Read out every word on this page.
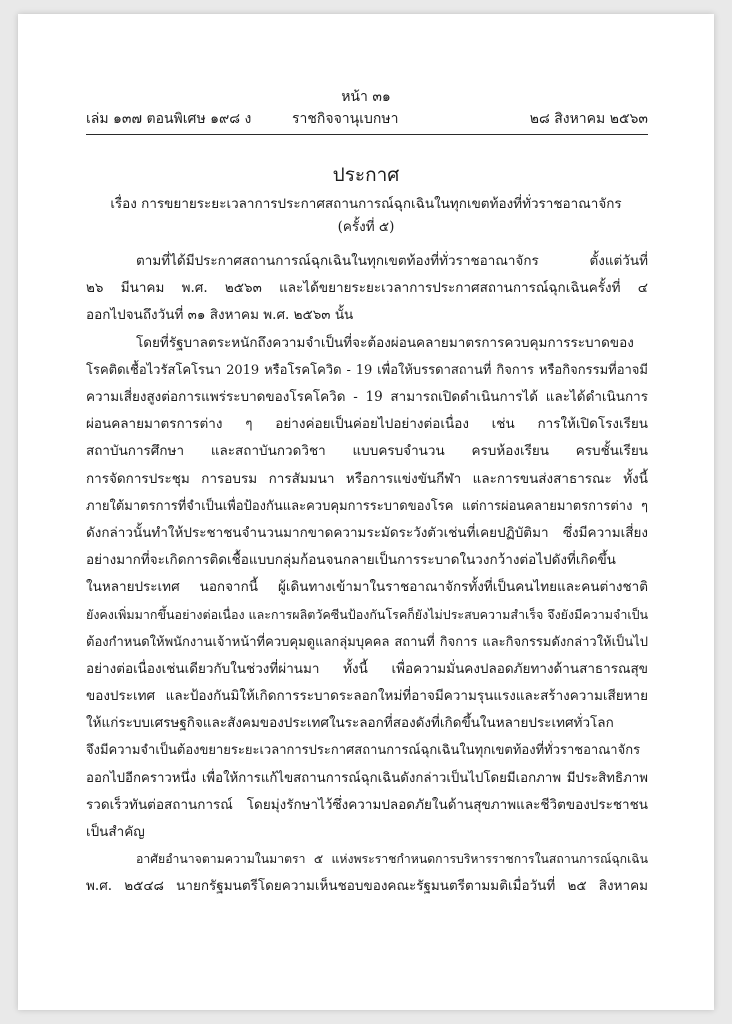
หน้า ๓๑
เล่ม ๑๓๗ ตอนพิเศษ ๑๙๘ ง	ราชกิจจานุเบกษา	๒๘ สิงหาคม ๒๕๖๓
ประกาศ
เรื่อง การขยายระยะเวลาการประกาศสถานการณ์ฉุกเฉินในทุกเขตท้องที่ทั่วราชอาณาจักร
(ครั้งที่ ๕)
ตามที่ได้มีประกาศสถานการณ์ฉุกเฉินในทุกเขตท้องที่ทั่วราชอาณาจักร ตั้งแต่วันที่
๒๖ มีนาคม พ.ศ. ๒๕๖๓ และได้ขยายระยะเวลาการประกาศสถานการณ์ฉุกเฉินครั้งที่ ๔
ออกไปจนถึงวันที่ ๓๑ สิงหาคม พ.ศ. ๒๕๖๓ นั้น
โดยที่รัฐบาลตระหนักถึงความจำเป็นที่จะต้องผ่อนคลายมาตรการควบคุมการระบาดของ
โรคติดเชื้อไวรัสโคโรนา 2019 หรือโรคโควิด - 19 เพื่อให้บรรดาสถานที่ กิจการ หรือกิจกรรมที่อาจมี
ความเสี่ยงสูงต่อการแพร่ระบาดของโรคโควิด - 19 สามารถเปิดดำเนินการได้ และได้ดำเนินการ
ผ่อนคลายมาตรการต่าง ๆ อย่างค่อยเป็นค่อยไปอย่างต่อเนื่อง เช่น การให้เปิดโรงเรียน
สถาบันการศึกษา และสถาบันกวดวิชา แบบครบจำนวน ครบห้องเรียน ครบชั้นเรียน
การจัดการประชุม การอบรม การสัมมนา หรือการแข่งขันกีฬา และการขนส่งสาธารณะ ทั้งนี้
ภายใต้มาตรการที่จำเป็นเพื่อป้องกันและควบคุมการระบาดของโรค แต่การผ่อนคลายมาตรการต่าง ๆ
ดังกล่าวนั้นทำให้ประชาชนจำนวนมากขาดความระมัดระวังตัวเช่นที่เคยปฏิบัติมา ซึ่งมีความเสี่ยง
อย่างมากที่จะเกิดการติดเชื้อแบบกลุ่มก้อนจนกลายเป็นการระบาดในวงกว้างต่อไปดังที่เกิดขึ้น
ในหลายประเทศ นอกจากนี้ ผู้เดินทางเข้ามาในราชอาณาจักรทั้งที่เป็นคนไทยและคนต่างชาติ
ยังคงเพิ่มมากขึ้นอย่างต่อเนื่อง และการผลิตวัคซีนป้องกันโรคก็ยังไม่ประสบความสำเร็จ จึงยังมีความจำเป็น
ต้องกำหนดให้พนักงานเจ้าหน้าที่ควบคุมดูแลกลุ่มบุคคล สถานที่ กิจการ และกิจกรรมดังกล่าวให้เป็นไป
อย่างต่อเนื่องเช่นเดียวกับในช่วงที่ผ่านมา ทั้งนี้ เพื่อความมั่นคงปลอดภัยทางด้านสาธารณสุข
ของประเทศ และป้องกันมิให้เกิดการระบาดระลอกใหม่ที่อาจมีความรุนแรงและสร้างความเสียหาย
ให้แก่ระบบเศรษฐกิจและสังคมของประเทศในระลอกที่สองดังที่เกิดขึ้นในหลายประเทศทั่วโลก
จึงมีความจำเป็นต้องขยายระยะเวลาการประกาศสถานการณ์ฉุกเฉินในทุกเขตท้องที่ทั่วราชอาณาจักร
ออกไปอีกคราวหนึ่ง เพื่อให้การแก้ไขสถานการณ์ฉุกเฉินดังกล่าวเป็นไปโดยมีเอกภาพ มีประสิทธิภาพ
รวดเร็วทันต่อสถานการณ์ โดยมุ่งรักษาไว้ซึ่งความปลอดภัยในด้านสุขภาพและชีวิตของประชาชน
เป็นสำคัญ
อาศัยอำนาจตามความในมาตรา ๕ แห่งพระราชกำหนดการบริหารราชการในสถานการณ์ฉุกเฉิน
พ.ศ. ๒๕๔๘ นายกรัฐมนตรีโดยความเห็นชอบของคณะรัฐมนตรีตามมติเมื่อวันที่ ๒๕ สิงหาคม
